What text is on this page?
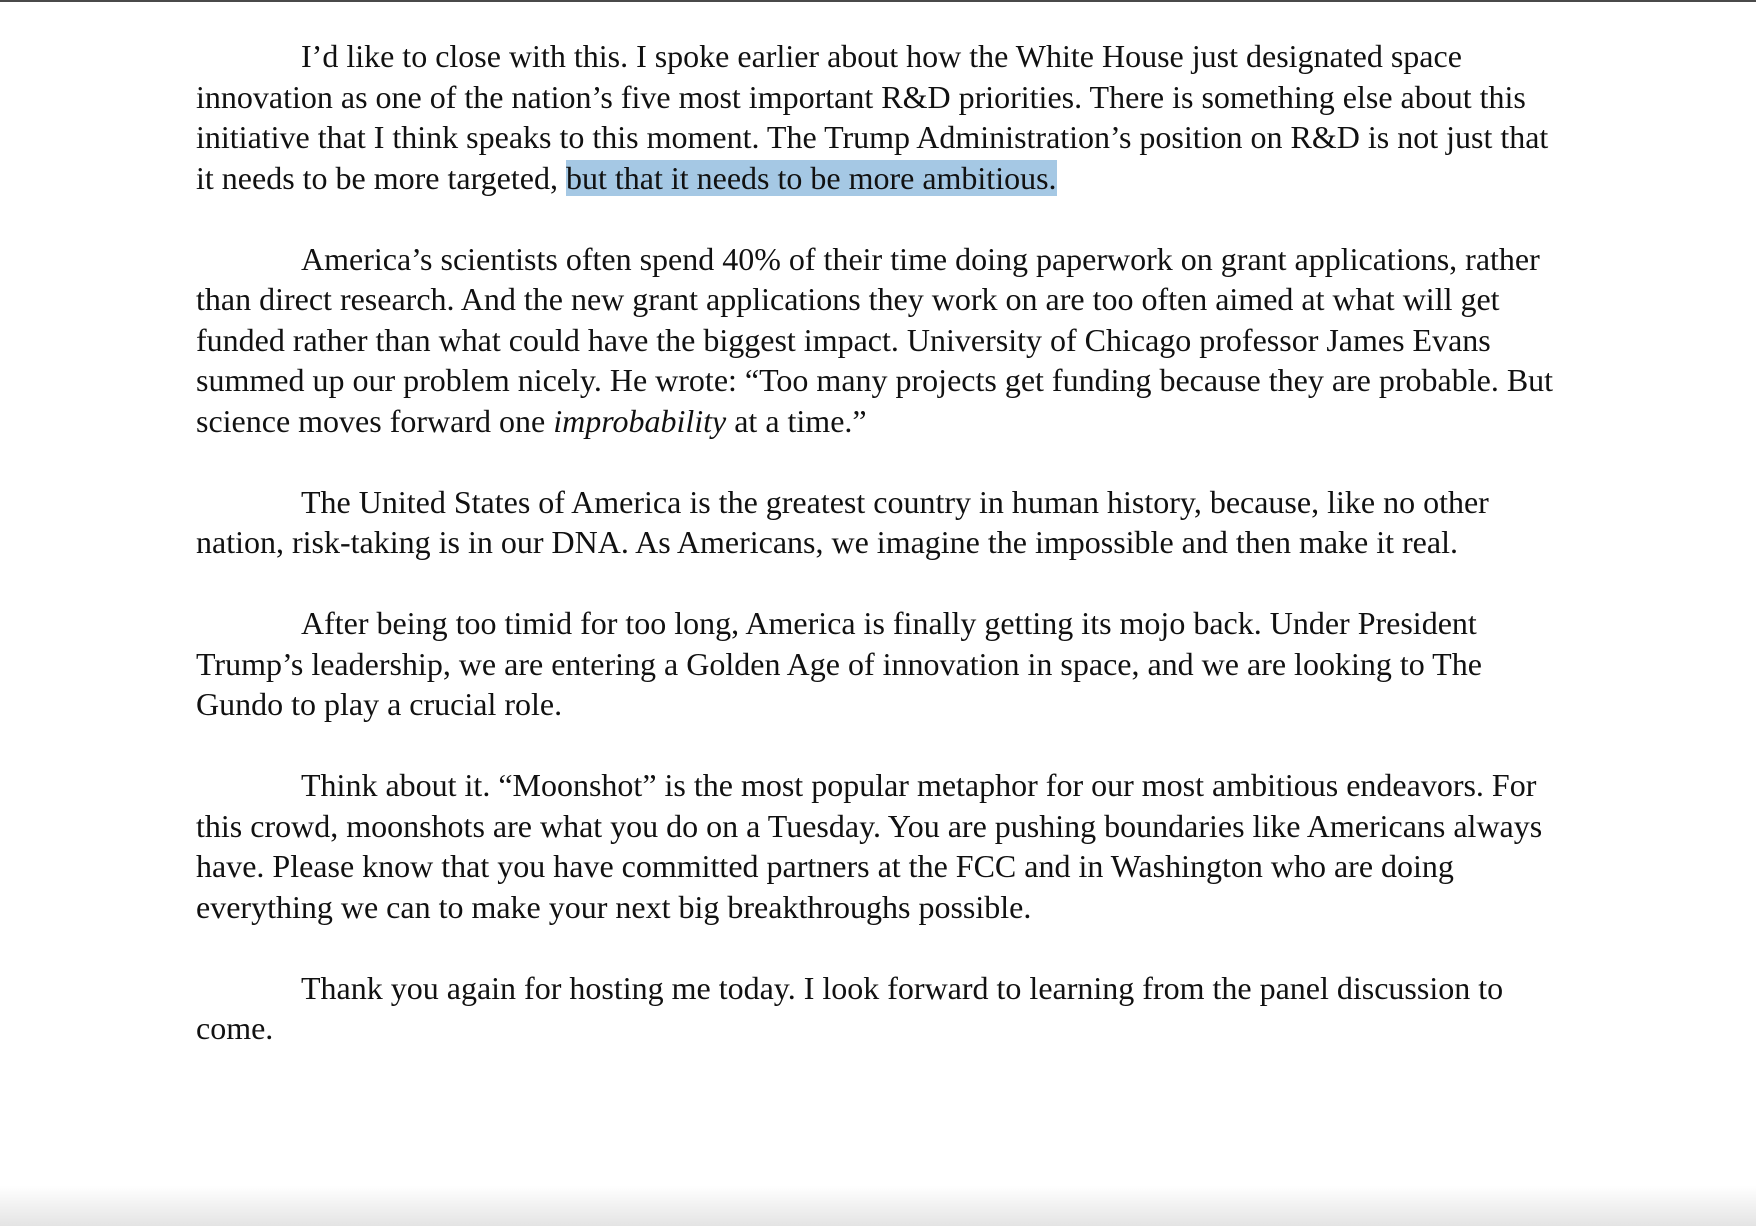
I’d like to close with this. I spoke earlier about how the White House just designated space innovation as one of the nation’s five most important R&D priorities. There is something else about this initiative that I think speaks to this moment. The Trump Administration’s position on R&D is not just that it needs to be more targeted, but that it needs to be more ambitious.

America’s scientists often spend 40% of their time doing paperwork on grant applications, rather than direct research. And the new grant applications they work on are too often aimed at what will get funded rather than what could have the biggest impact. University of Chicago professor James Evans summed up our problem nicely. He wrote: “Too many projects get funding because they are probable. But science moves forward one improbability at a time.”

The United States of America is the greatest country in human history, because, like no other nation, risk-taking is in our DNA. As Americans, we imagine the impossible and then make it real.

After being too timid for too long, America is finally getting its mojo back. Under President Trump’s leadership, we are entering a Golden Age of innovation in space, and we are looking to The Gundo to play a crucial role.

Think about it. “Moonshot” is the most popular metaphor for our most ambitious endeavors. For this crowd, moonshots are what you do on a Tuesday. You are pushing boundaries like Americans always have. Please know that you have committed partners at the FCC and in Washington who are doing everything we can to make your next big breakthroughs possible.

Thank you again for hosting me today. I look forward to learning from the panel discussion to come.
